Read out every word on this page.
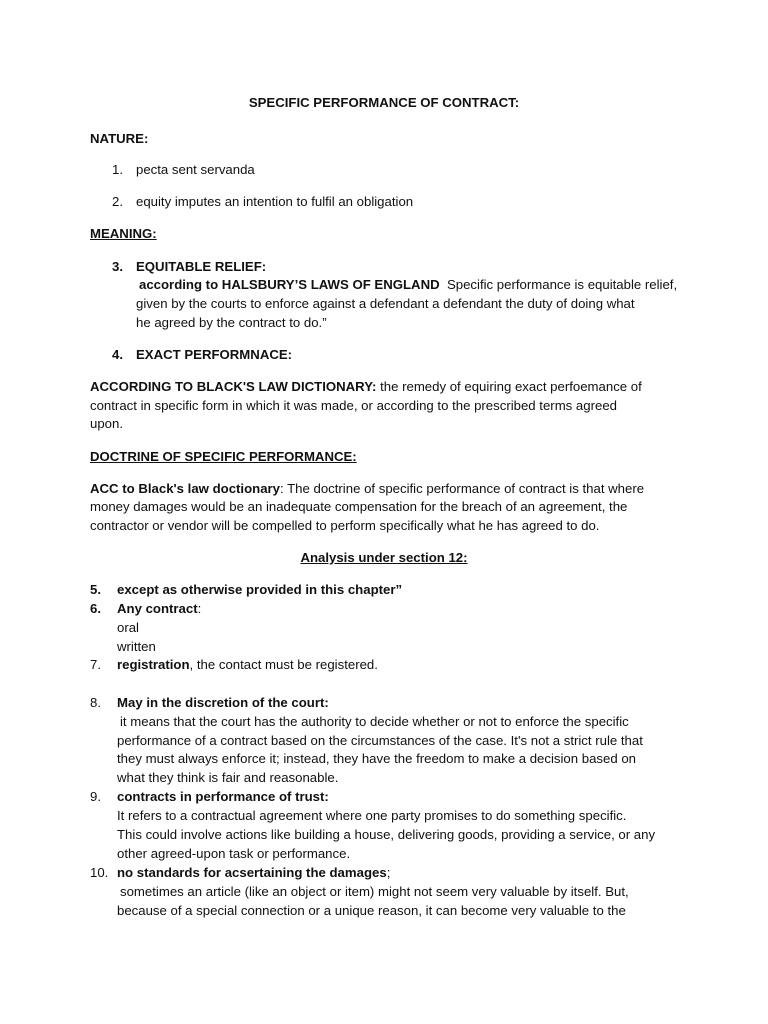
SPECIFIC PERFORMANCE OF CONTRACT:
NATURE:
1. pecta sent servanda
2. equity imputes an intention to fulfil an obligation
MEANING:
3. EQUITABLE RELIEF:
according to HALSBURY’S LAWS OF ENGLAND Specific performance is equitable relief,
given by the courts to enforce against a defendant a defendant the duty of doing what
he agreed by the contract to do.”
4. EXACT PERFORMNACE:
ACCORDING TO BLACK'S LAW DICTIONARY: the remedy of equiring exact perfoemance of
contract in specific form in which it was made, or according to the prescribed terms agreed
upon.
DOCTRINE OF SPECIFIC PERFORMANCE:
ACC to Black's law doctionary: The doctrine of specific performance of contract is that where
money damages would be an inadequate compensation for the breach of an agreement, the
contractor or vendor will be compelled to perform specifically what he has agreed to do.
Analysis under section 12:
5. except as otherwise provided in this chapter”
6. Any contract:
oral
written
7. registration, the contact must be registered.
8. May in the discretion of the court:
it means that the court has the authority to decide whether or not to enforce the specific
performance of a contract based on the circumstances of the case. It's not a strict rule that
they must always enforce it; instead, they have the freedom to make a decision based on
what they think is fair and reasonable.
9. contracts in performance of trust:
It refers to a contractual agreement where one party promises to do something specific.
This could involve actions like building a house, delivering goods, providing a service, or any
other agreed-upon task or performance.
10. no standards for acsertaining the damages;
sometimes an article (like an object or item) might not seem very valuable by itself. But,
because of a special connection or a unique reason, it can become very valuable to the
